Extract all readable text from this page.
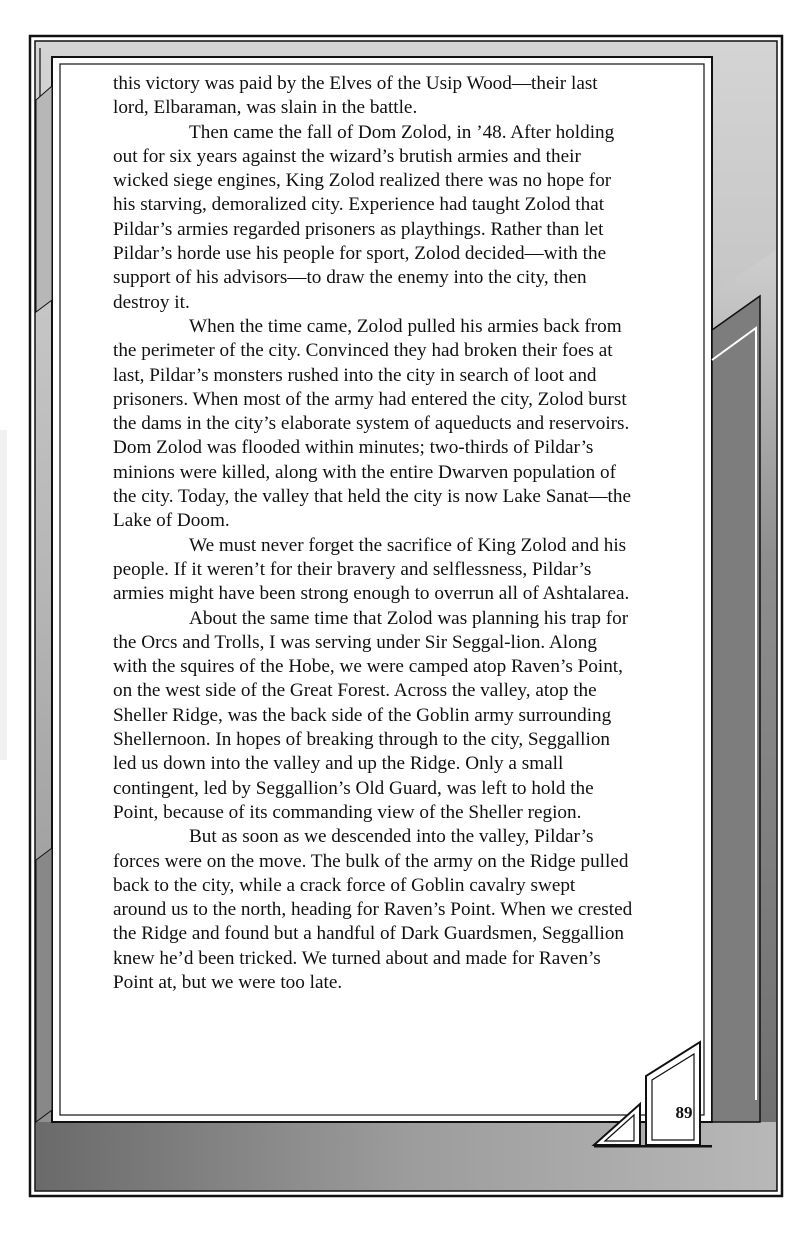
this victory was paid by the Elves of the Usip Wood—their last lord, Elbaraman, was slain in the battle.

Then came the fall of Dom Zolod, in ’48. After holding out for six years against the wizard’s brutish armies and their wicked siege engines, King Zolod realized there was no hope for his starving, demoralized city. Experience had taught Zolod that Pildar’s armies regarded prisoners as playthings. Rather than let Pildar’s horde use his people for sport, Zolod decided—with the support of his advisors—to draw the enemy into the city, then destroy it.

When the time came, Zolod pulled his armies back from the perimeter of the city. Convinced they had broken their foes at last, Pildar’s monsters rushed into the city in search of loot and prisoners. When most of the army had entered the city, Zolod burst the dams in the city’s elaborate system of aqueducts and reservoirs. Dom Zolod was flooded within minutes; two-thirds of Pildar’s minions were killed, along with the entire Dwarven population of the city. Today, the valley that held the city is now Lake Sanat—the Lake of Doom.

We must never forget the sacrifice of King Zolod and his people. If it weren’t for their bravery and selflessness, Pildar’s armies might have been strong enough to overrun all of Ashtalarea.

About the same time that Zolod was planning his trap for the Orcs and Trolls, I was serving under Sir Seggal-lion. Along with the squires of the Hobe, we were camped atop Raven’s Point, on the west side of the Great Forest. Across the valley, atop the Sheller Ridge, was the back side of the Goblin army surrounding Shellernoon. In hopes of breaking through to the city, Seggallion led us down into the valley and up the Ridge. Only a small contingent, led by Seggallion’s Old Guard, was left to hold the Point, because of its commanding view of the Sheller region.

But as soon as we descended into the valley, Pildar’s forces were on the move. The bulk of the army on the Ridge pulled back to the city, while a crack force of Goblin cavalry swept around us to the north, heading for Raven’s Point. When we crested the Ridge and found but a handful of Dark Guardsmen, Seggallion knew he’d been tricked. We turned about and made for Raven’s Point at, but we were too late.

89
